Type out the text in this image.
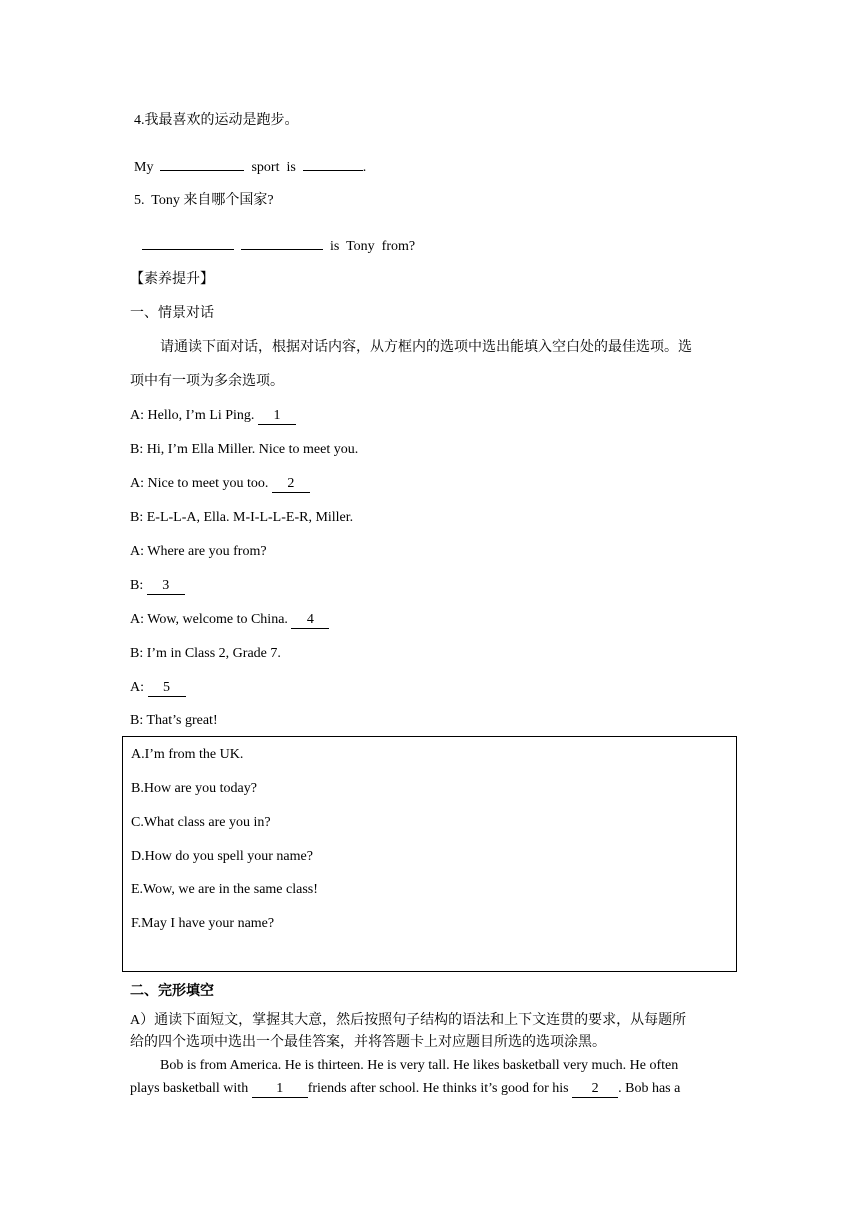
4.我最喜欢的运动是跑步。
My	sport  is	.
5.  Tony 来自哪个国家?
is  Tony  from?
【素养提升】
一、情景对话
请通读下面对话，根据对话内容，从方框内的选项中选出能填入空白处的最佳选项。选
项中有一项为多余选项。
A: Hello, I’m Li Ping. 1
B: Hi, I’m Ella Miller. Nice to meet you.
A: Nice to meet you too. 2
B: E-L-L-A, Ella. M-I-L-L-E-R, Miller.
A: Where are you from?
B: 3
A: Wow, welcome to China. 4
B: I’m in Class 2, Grade 7.
A: 5
B: That’s great!
A.I’m from the UK.
B.How are you today?
C.What class are you in?
D.How do you spell your name?
E.Wow, we are in the same class!
F.May I have your name?
二、完形填空
A）通读下面短文，掌握其大意，然后按照句子结构的语法和上下文连贯的要求，从每题所
给的四个选项中选出一个最佳答案，并将答题卡上对应题目所选的选项涂黑。
Bob is from America. He is thirteen. He is very tall. He likes basketball very much. He often
plays basketball with 1 friends after school. He thinks it’s good for his 2 . Bob has a
